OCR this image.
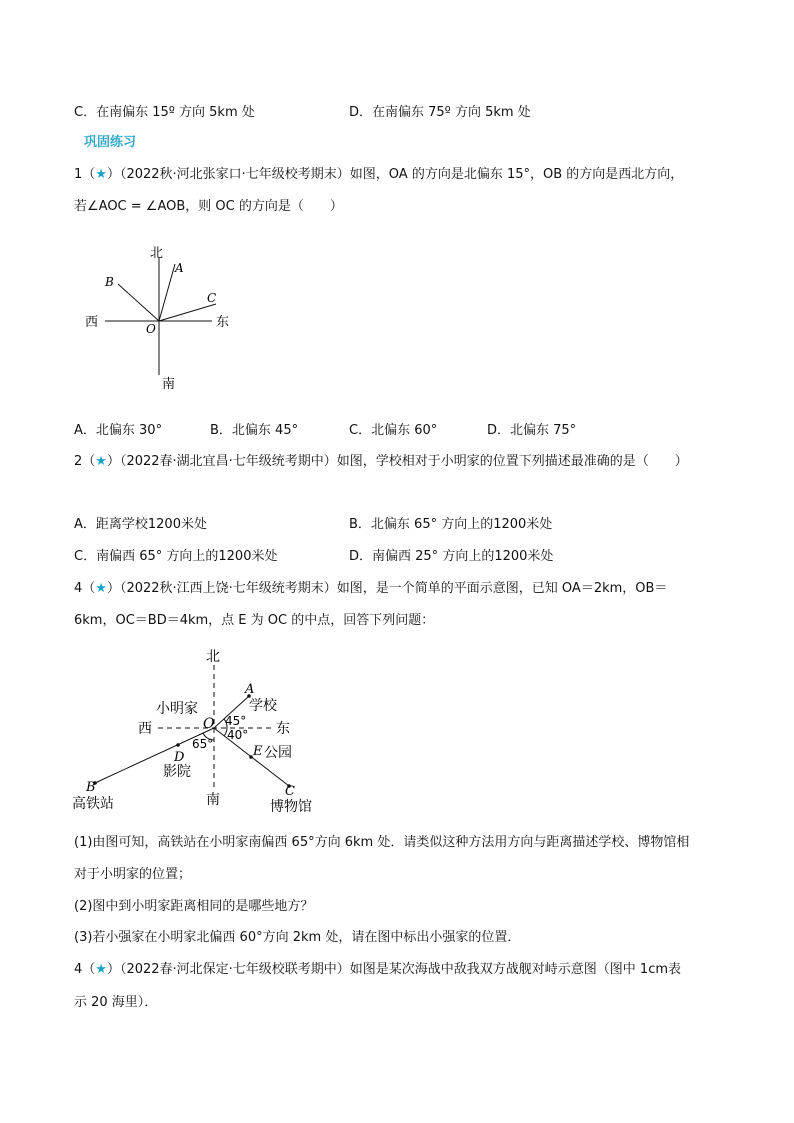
C．在南偏东 15º 方向 5km 处	D．在南偏东 75º 方向 5km 处
巩固练习
1（★）（2022秋·河北张家口·七年级校考期末）如图，OA 的方向是北偏东 15°，OB 的方向是西北方向，
若∠AOC = ∠AOB，则 OC 的方向是（　　）
北
南
西	东
O
A
B
C
A．北偏东 30°	B．北偏东 45°	C．北偏东 60°	D．北偏东 75°
2（★）（2022春·湖北宜昌·七年级统考期中）如图，学校相对于小明家的位置下列描述最准确的是（　　）
A．距离学校1200米处	B．北偏东 65° 方向上的1200米处
C．南偏西 65° 方向上的1200米处	D．南偏西 25° 方向上的1200米处
4（★）（2022秋·江西上饶·七年级统考期末）如图，是一个简单的平面示意图，已知 OA＝2km，OB＝
6km，OC＝BD＝4km，点 E 为 OC 的中点，回答下列问题：
北
南
西	东
小明家
O
A
学校
45°
40°
65°
D
影院
E 公园
B
高铁站
C
博物馆
(1)由图可知，高铁站在小明家南偏西 65°方向 6km 处．请类似这种方法用方向与距离描述学校、博物馆相
对于小明家的位置；
(2)图中到小明家距离相同的是哪些地方？
(3)若小强家在小明家北偏西 60°方向 2km 处，请在图中标出小强家的位置．
4（★）（2022春·河北保定·七年级校联考期中）如图是某次海战中敌我双方战舰对峙示意图（图中 1cm表
示 20 海里）．
